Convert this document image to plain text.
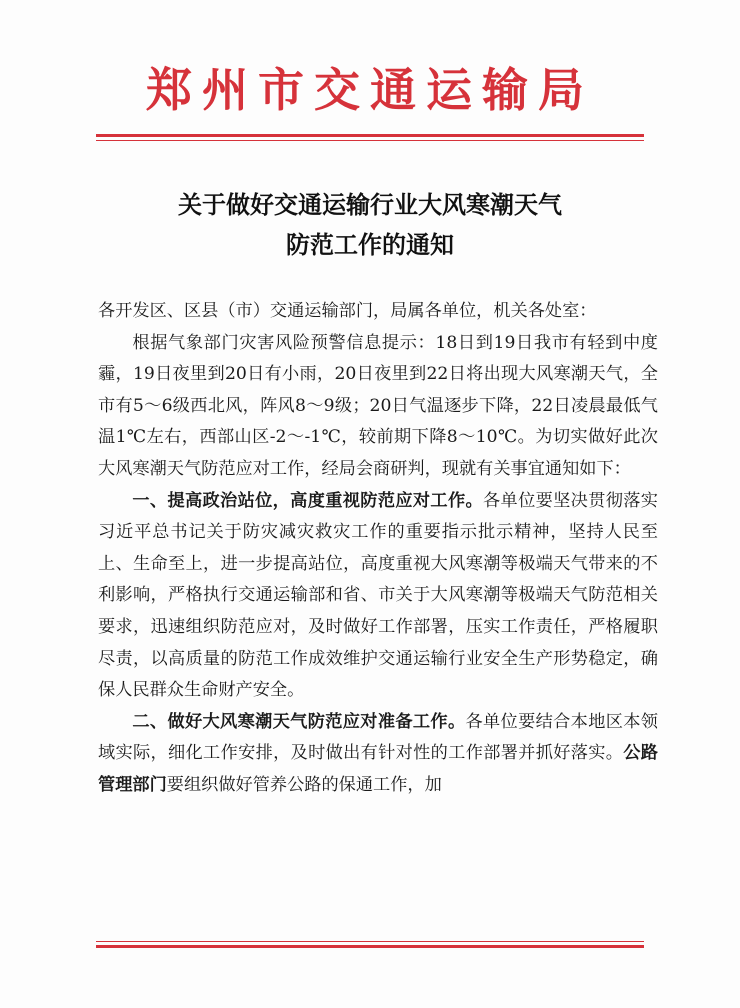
郑州市交通运输局
关于做好交通运输行业大风寒潮天气
防范工作的通知

各开发区、区县（市）交通运输部门，局属各单位，机关各处室：

根据气象部门灾害风险预警信息提示：18日到19日我市有轻到中度霾，19日夜里到20日有小雨，20日夜里到22日将出现大风寒潮天气，全市有5～6级西北风，阵风8～9级；20日气温逐步下降，22日凌晨最低气温1℃左右，西部山区-2～-1℃，较前期下降8～10℃。为切实做好此次大风寒潮天气防范应对工作，经局会商研判，现就有关事宜通知如下：

一、提高政治站位，高度重视防范应对工作。各单位要坚决贯彻落实习近平总书记关于防灾减灾救灾工作的重要指示批示精神，坚持人民至上、生命至上，进一步提高站位，高度重视大风寒潮等极端天气带来的不利影响，严格执行交通运输部和省、市关于大风寒潮等极端天气防范相关要求，迅速组织防范应对，及时做好工作部署，压实工作责任，严格履职尽责，以高质量的防范工作成效维护交通运输行业安全生产形势稳定，确保人民群众生命财产安全。

二、做好大风寒潮天气防范应对准备工作。各单位要结合本地区本领域实际，细化工作安排，及时做出有针对性的工作部署并抓好落实。公路管理部门要组织做好管养公路的保通工作，加
